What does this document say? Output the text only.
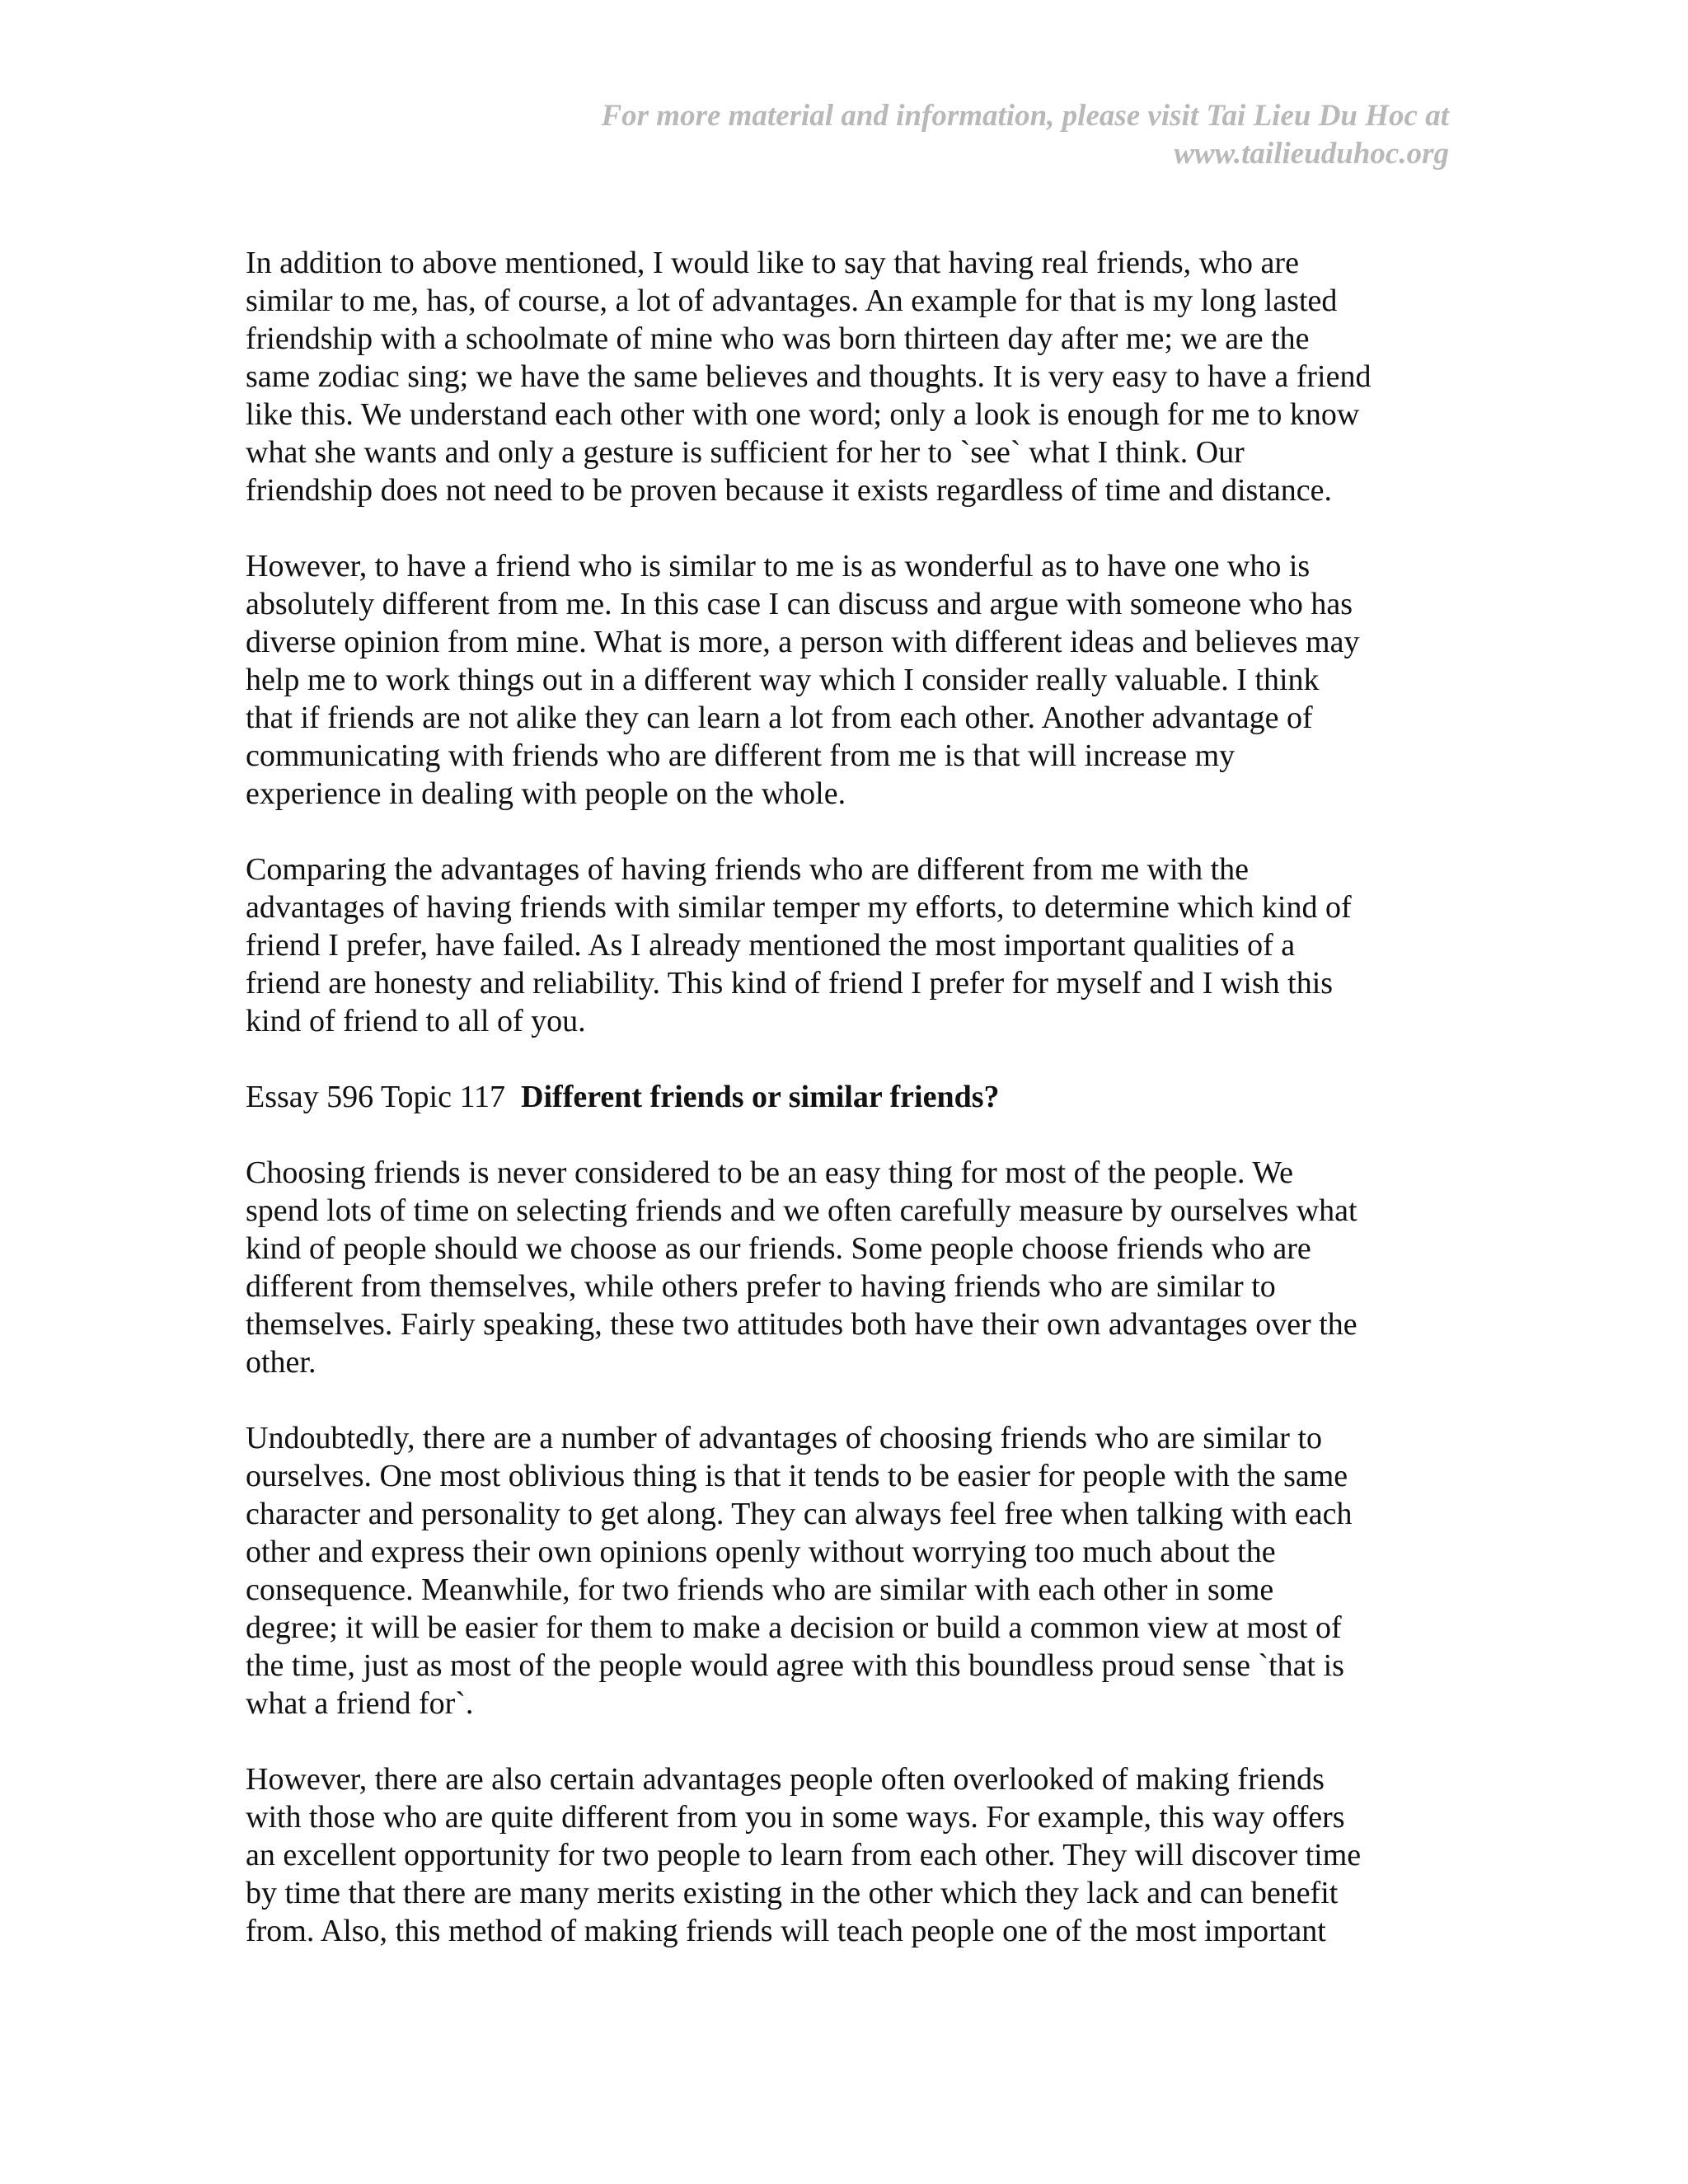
For more material and information, please visit Tai Lieu Du Hoc at
www.tailieuduhoc.org

In addition to above mentioned, I would like to say that having real friends, who are
similar to me, has, of course, a lot of advantages. An example for that is my long lasted
friendship with a schoolmate of mine who was born thirteen day after me; we are the
same zodiac sing; we have the same believes and thoughts. It is very easy to have a friend
like this. We understand each other with one word; only a look is enough for me to know
what she wants and only a gesture is sufficient for her to `see` what I think. Our
friendship does not need to be proven because it exists regardless of time and distance.

However, to have a friend who is similar to me is as wonderful as to have one who is
absolutely different from me. In this case I can discuss and argue with someone who has
diverse opinion from mine. What is more, a person with different ideas and believes may
help me to work things out in a different way which I consider really valuable. I think
that if friends are not alike they can learn a lot from each other. Another advantage of
communicating with friends who are different from me is that will increase my
experience in dealing with people on the whole.

Comparing the advantages of having friends who are different from me with the
advantages of having friends with similar temper my efforts, to determine which kind of
friend I prefer, have failed. As I already mentioned the most important qualities of a
friend are honesty and reliability. This kind of friend I prefer for myself and I wish this
kind of friend to all of you.

Essay 596 Topic 117 Different friends or similar friends?

Choosing friends is never considered to be an easy thing for most of the people. We
spend lots of time on selecting friends and we often carefully measure by ourselves what
kind of people should we choose as our friends. Some people choose friends who are
different from themselves, while others prefer to having friends who are similar to
themselves. Fairly speaking, these two attitudes both have their own advantages over the
other.

Undoubtedly, there are a number of advantages of choosing friends who are similar to
ourselves. One most oblivious thing is that it tends to be easier for people with the same
character and personality to get along. They can always feel free when talking with each
other and express their own opinions openly without worrying too much about the
consequence. Meanwhile, for two friends who are similar with each other in some
degree; it will be easier for them to make a decision or build a common view at most of
the time, just as most of the people would agree with this boundless proud sense `that is
what a friend for`.

However, there are also certain advantages people often overlooked of making friends
with those who are quite different from you in some ways. For example, this way offers
an excellent opportunity for two people to learn from each other. They will discover time
by time that there are many merits existing in the other which they lack and can benefit
from. Also, this method of making friends will teach people one of the most important
